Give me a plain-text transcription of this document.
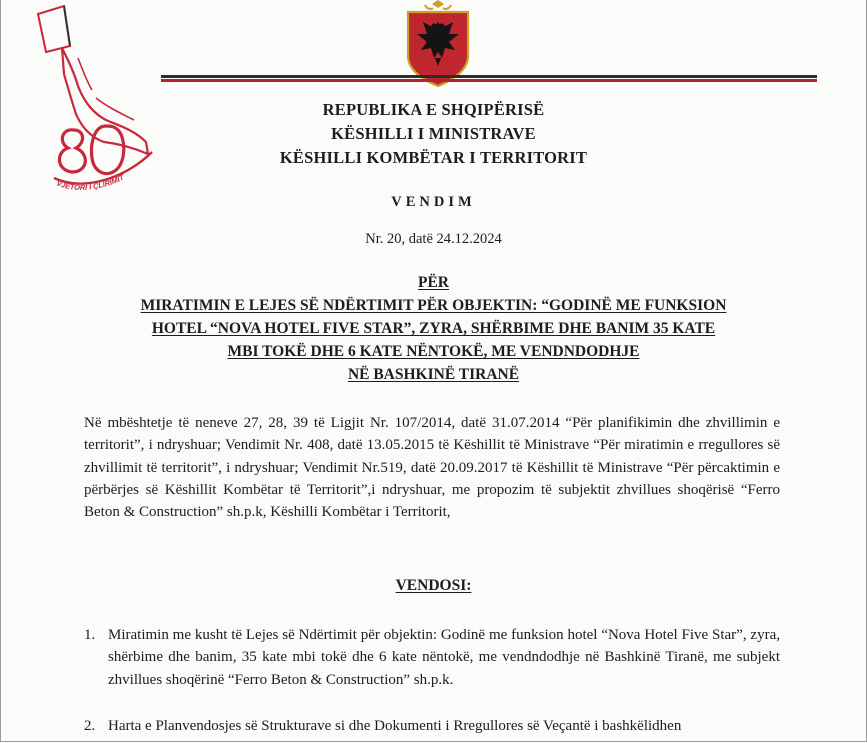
VJETORI I ÇLIRIMIT
REPUBLIKA E SHQIPËRISË
KËSHILLI I MINISTRAVE
KËSHILLI KOMBËTAR I TERRITORIT
VENDIM
Nr. 20, datë 24.12.2024
PËR
MIRATIMIN E LEJES SË NDËRTIMIT PËR OBJEKTIN: “GODINË ME FUNKSION
HOTEL “NOVA HOTEL FIVE STAR”, ZYRA, SHËRBIME DHE BANIM 35 KATE
MBI TOKË DHE 6 KATE NËNTOKË, ME VENDNDODHJE
NË BASHKINË TIRANË
Në mbështetje të neneve 27, 28, 39 të Ligjit Nr. 107/2014, datë 31.07.2014 “Për planifikimin dhe zhvillimin e territorit”, i ndryshuar; Vendimit Nr. 408, datë 13.05.2015 të Këshillit të Ministrave “Për miratimin e rregullores së zhvillimit të territorit”, i ndryshuar; Vendimit Nr.519, datë 20.09.2017 të Këshillit të Ministrave “Për përcaktimin e përbërjes së Këshillit Kombëtar të Territorit”,i ndryshuar, me propozim të subjektit zhvillues shoqërisë “Ferro Beton & Construction” sh.p.k, Këshilli Kombëtar i Territorit,
VENDOSI:
1. Miratimin me kusht të Lejes së Ndërtimit për objektin: Godinë me funksion hotel “Nova Hotel Five Star”, zyra, shërbime dhe banim, 35 kate mbi tokë dhe 6 kate nëntokë, me vendndodhje në Bashkinë Tiranë, me subjekt zhvillues shoqërinë “Ferro Beton & Construction” sh.p.k.
2. Harta e Planvendosjes së Strukturave si dhe Dokumenti i Rregullores së Veçantë i bashkëlidhen
